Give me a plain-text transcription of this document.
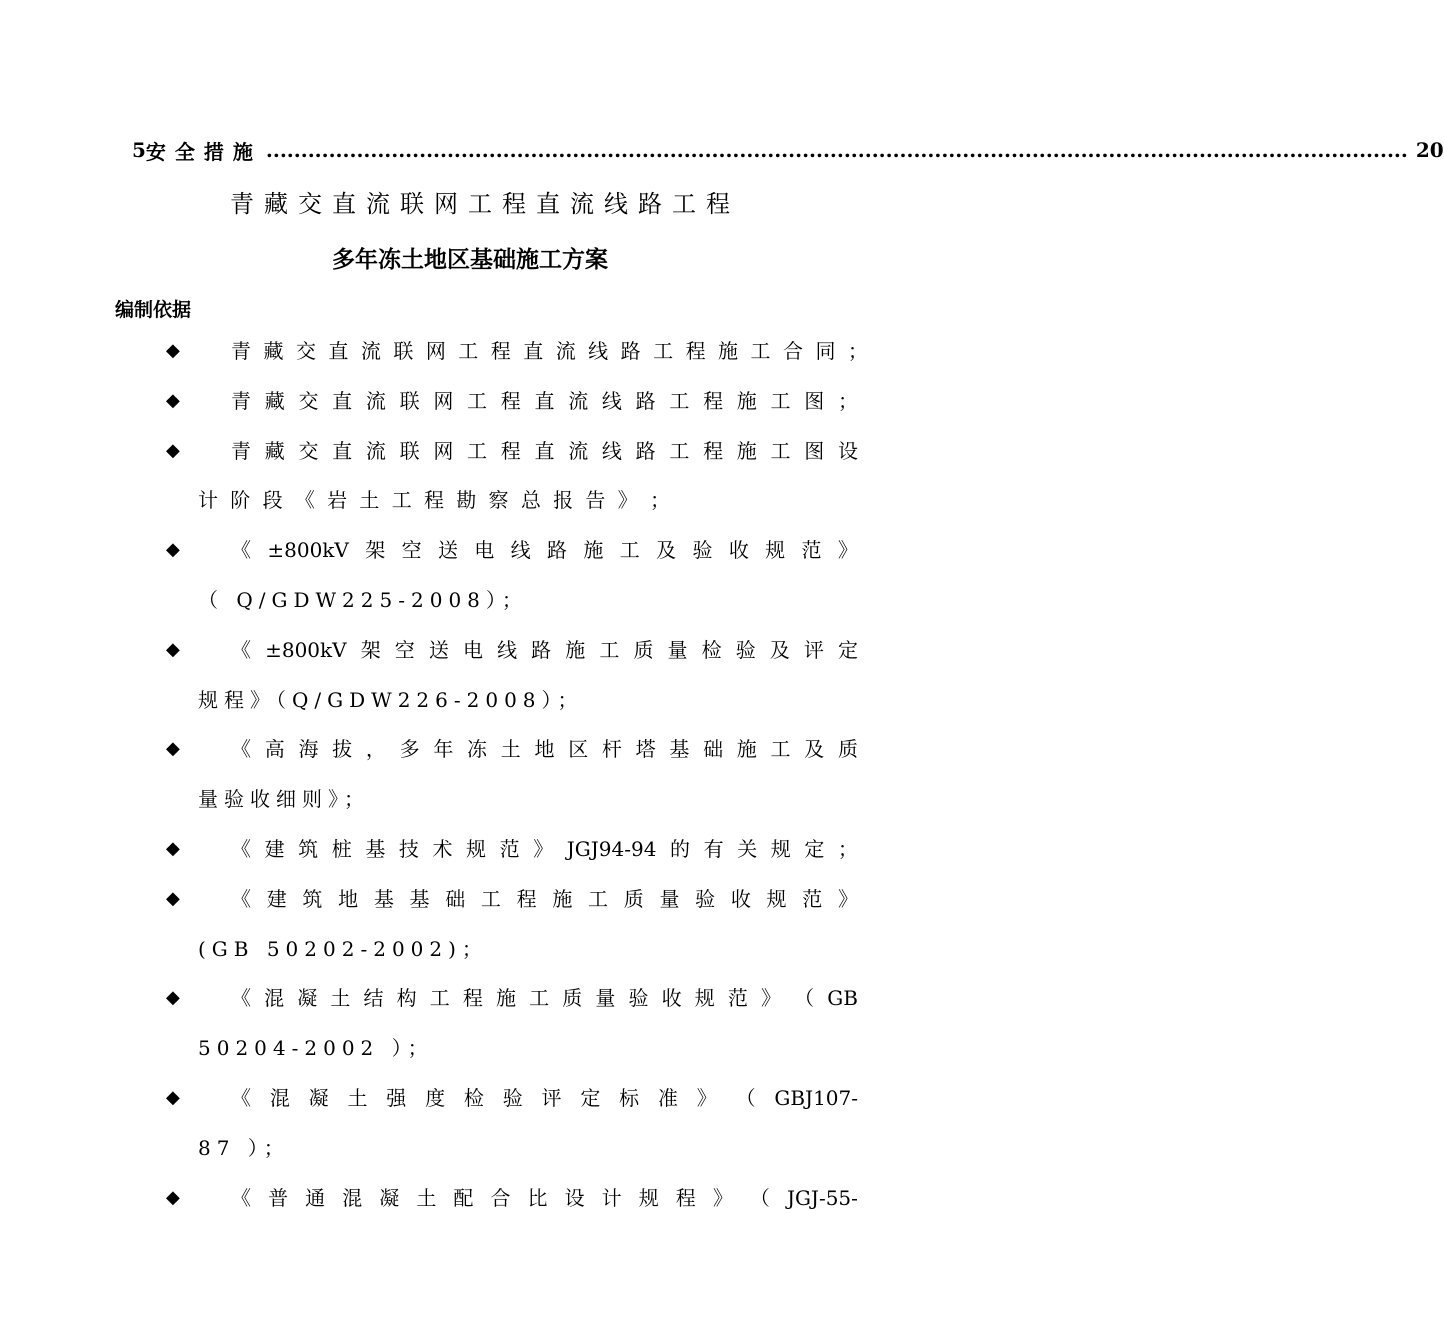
5 安全措施 .................................................................................................................................................................... 20
青藏交直流联网工程直流线路工程
多年冻土地区基础施工方案
编制依据
◆	青 藏 交 直 流 联 网 工 程 直 流 线 路 工 程 施 工 合 同 ；
◆	青 藏 交 直 流 联 网 工 程 直 流 线 路 工 程 施 工 图 ；
◆	青 藏 交 直 流 联 网 工 程 直 流 线 路 工 程 施 工 图 设
计 阶 段 《 岩 土 工 程 勘 察 总 报 告 》 ；
◆	《 ±800kV 架 空 送 电 线 路 施 工 及 验 收 规 范 》
（ Q/GDW225-2008）；
◆	《 ±800kV 架 空 送 电 线 路 施 工 质 量 检 验 及 评 定
规程》（Q/GDW226-2008）；
◆	《 高 海 拔 ， 多 年 冻 土 地 区 杆 塔 基 础 施 工 及 质
量验收细则》；
◆	《 建 筑 桩 基 技 术 规 范 》 JGJ94-94 的 有 关 规 定 ；
◆	《 建 筑 地 基 基 础 工 程 施 工 质 量 验 收 规 范 》
(GB 50202-2002)；
◆	《 混 凝 土 结 构 工 程 施 工 质 量 验 收 规 范 》 （ GB
50204-2002 ）；
◆	《 混 凝 土 强 度 检 验 评 定 标 准 》 （ GBJ107-
87 ）；
◆	《 普 通 混 凝 土 配 合 比 设 计 规 程 》 （ JGJ-55-
